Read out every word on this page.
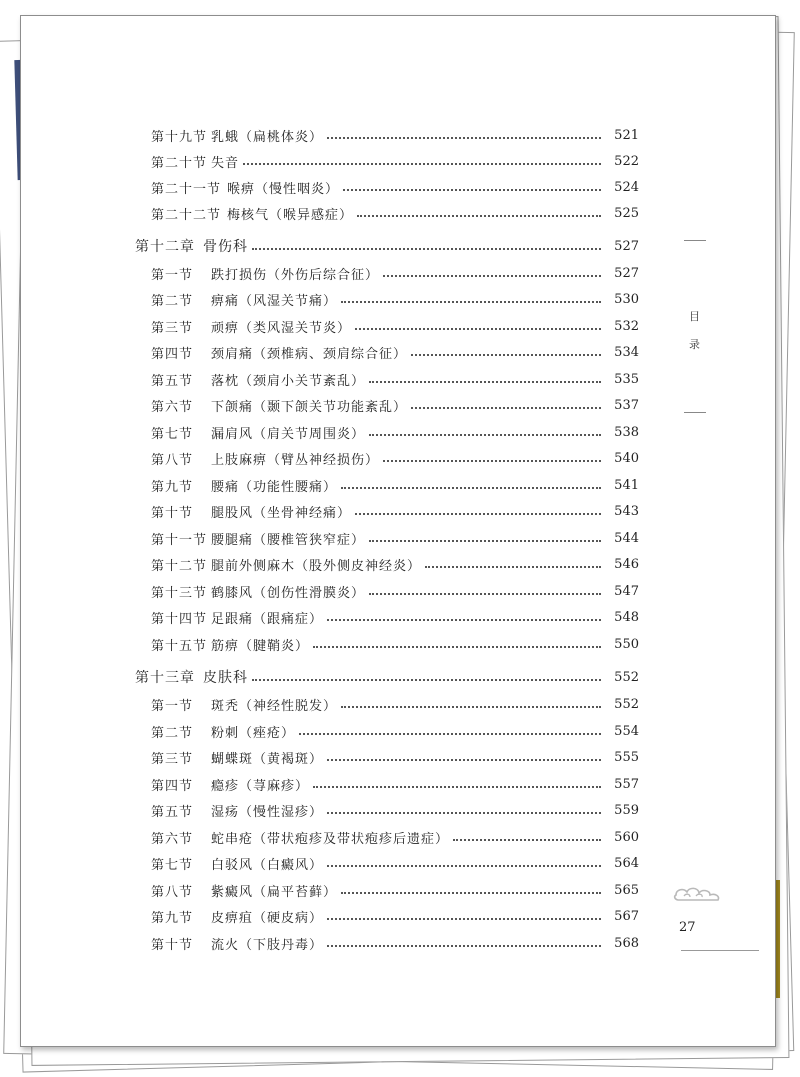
第十九节 乳蛾（扁桃体炎）	521
第二十节 失音	522
第二十一节 喉痹（慢性咽炎）	524
第二十二节 梅核气（喉异感症）	525
第十二章 骨伤科	527
第一节	跌打损伤（外伤后综合征）	527
第二节	痹痛（风湿关节痛）	530
第三节	顽痹（类风湿关节炎）	532
第四节	颈肩痛（颈椎病、颈肩综合征）	534
第五节	落枕（颈肩小关节紊乱）	535
第六节	下颌痛（颞下颌关节功能紊乱）	537
第七节	漏肩风（肩关节周围炎）	538
第八节	上肢麻痹（臂丛神经损伤）	540
第九节	腰痛（功能性腰痛）	541
第十节	腿股风（坐骨神经痛）	543
第十一节 腰腿痛（腰椎管狭窄症）	544
第十二节 腿前外侧麻木（股外侧皮神经炎）	546
第十三节 鹤膝风（创伤性滑膜炎）	547
第十四节 足跟痛（跟痛症）	548
第十五节 筋痹（腱鞘炎）	550
第十三章 皮肤科	552
第一节	斑秃（神经性脱发）	552
第二节	粉刺（痤疮）	554
第三节	蝴蝶斑（黄褐斑）	555
第四节	瘾疹（荨麻疹）	557
第五节	湿疡（慢性湿疹）	559
第六节	蛇串疮（带状疱疹及带状疱疹后遗症）	560
第七节	白驳风（白癜风）	564
第八节	紫癜风（扁平苔藓）	565
第九节	皮痹疽（硬皮病）	567
第十节	流火（下肢丹毒）	568
目
录
27
